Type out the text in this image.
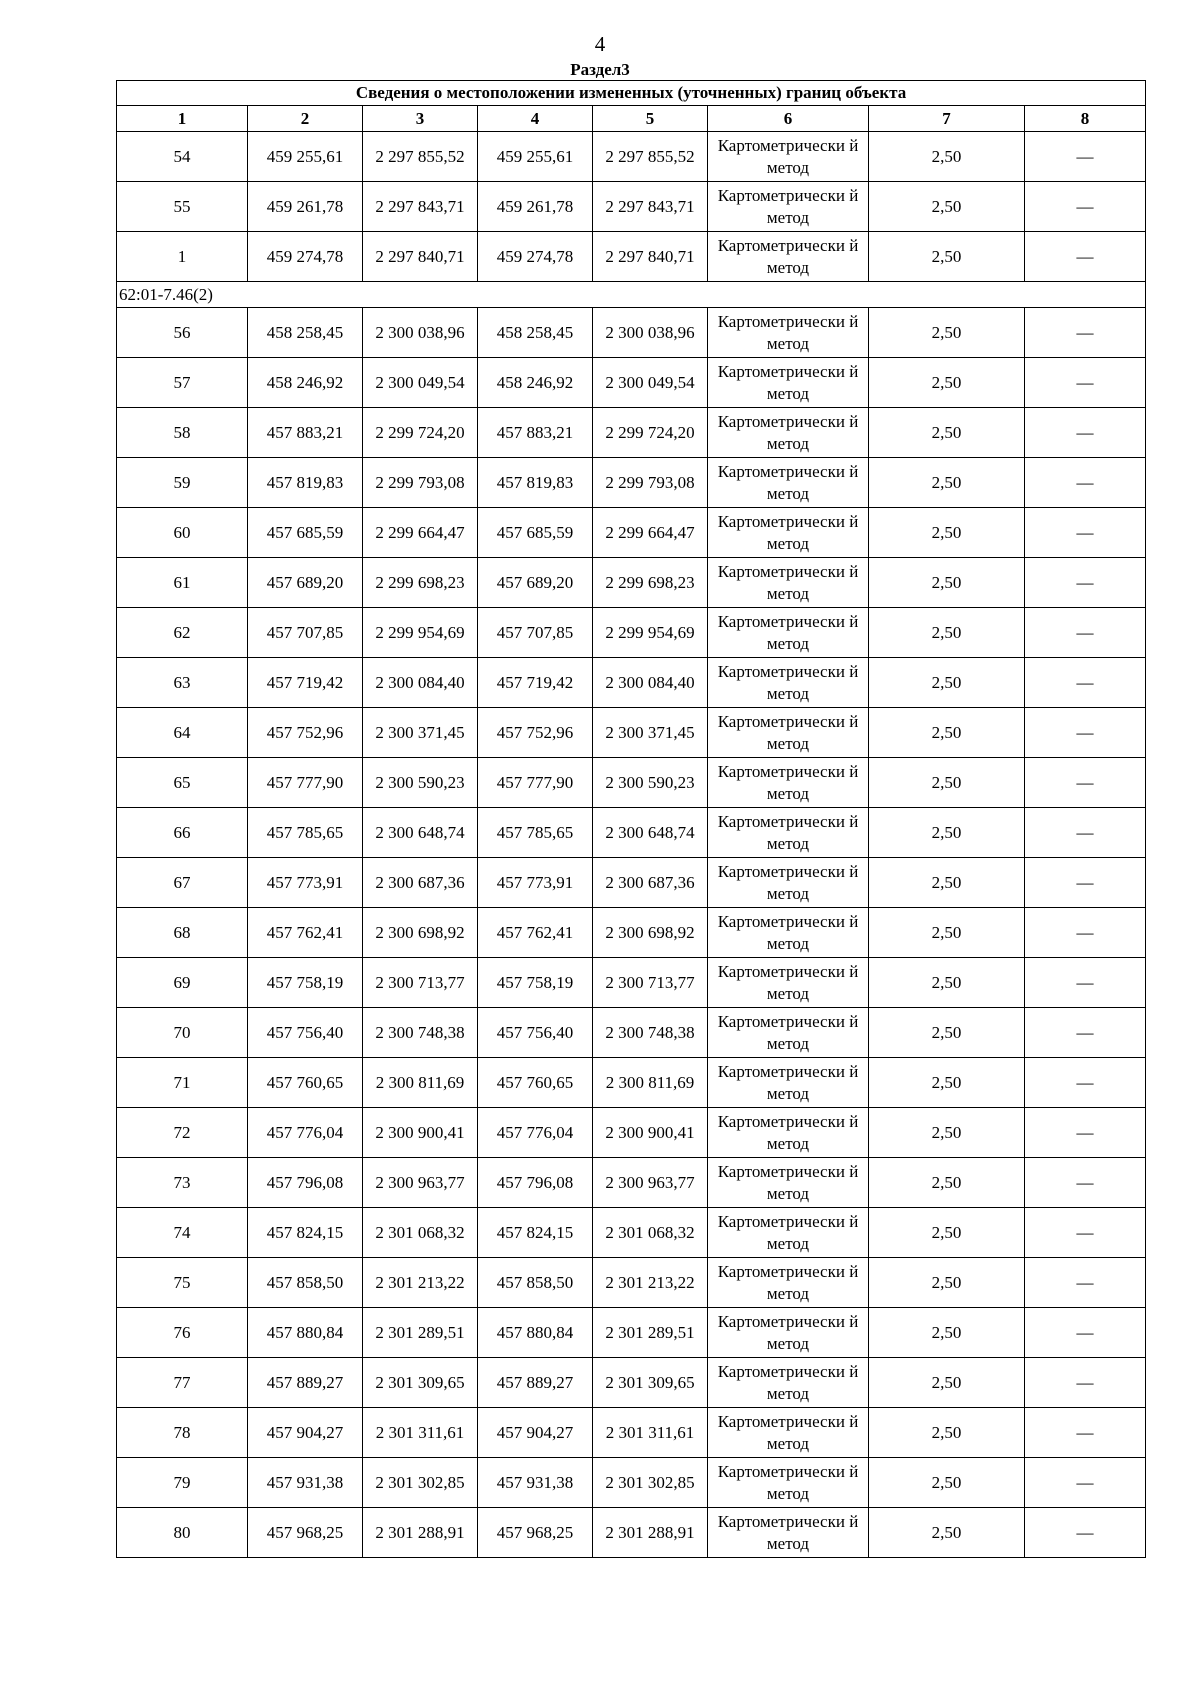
4
Раздел3
Сведения о местоположении измененных (уточненных) границ объекта							
1	2	3	4	5	6	7	8
54	459 255,61	2 297 855,52	459 255,61	2 297 855,52	Картометрически й метод	2,50	—
55	459 261,78	2 297 843,71	459 261,78	2 297 843,71	Картометрически й метод	2,50	—
1	459 274,78	2 297 840,71	459 274,78	2 297 840,71	Картометрически й метод	2,50	—
62:01-7.46(2)							
56	458 258,45	2 300 038,96	458 258,45	2 300 038,96	Картометрически й метод	2,50	—
57	458 246,92	2 300 049,54	458 246,92	2 300 049,54	Картометрически й метод	2,50	—
58	457 883,21	2 299 724,20	457 883,21	2 299 724,20	Картометрически й метод	2,50	—
59	457 819,83	2 299 793,08	457 819,83	2 299 793,08	Картометрически й метод	2,50	—
60	457 685,59	2 299 664,47	457 685,59	2 299 664,47	Картометрически й метод	2,50	—
61	457 689,20	2 299 698,23	457 689,20	2 299 698,23	Картометрически й метод	2,50	—
62	457 707,85	2 299 954,69	457 707,85	2 299 954,69	Картометрически й метод	2,50	—
63	457 719,42	2 300 084,40	457 719,42	2 300 084,40	Картометрически й метод	2,50	—
64	457 752,96	2 300 371,45	457 752,96	2 300 371,45	Картометрически й метод	2,50	—
65	457 777,90	2 300 590,23	457 777,90	2 300 590,23	Картометрически й метод	2,50	—
66	457 785,65	2 300 648,74	457 785,65	2 300 648,74	Картометрически й метод	2,50	—
67	457 773,91	2 300 687,36	457 773,91	2 300 687,36	Картометрически й метод	2,50	—
68	457 762,41	2 300 698,92	457 762,41	2 300 698,92	Картометрически й метод	2,50	—
69	457 758,19	2 300 713,77	457 758,19	2 300 713,77	Картометрически й метод	2,50	—
70	457 756,40	2 300 748,38	457 756,40	2 300 748,38	Картометрически й метод	2,50	—
71	457 760,65	2 300 811,69	457 760,65	2 300 811,69	Картометрически й метод	2,50	—
72	457 776,04	2 300 900,41	457 776,04	2 300 900,41	Картометрически й метод	2,50	—
73	457 796,08	2 300 963,77	457 796,08	2 300 963,77	Картометрически й метод	2,50	—
74	457 824,15	2 301 068,32	457 824,15	2 301 068,32	Картометрически й метод	2,50	—
75	457 858,50	2 301 213,22	457 858,50	2 301 213,22	Картометрически й метод	2,50	—
76	457 880,84	2 301 289,51	457 880,84	2 301 289,51	Картометрически й метод	2,50	—
77	457 889,27	2 301 309,65	457 889,27	2 301 309,65	Картометрически й метод	2,50	—
78	457 904,27	2 301 311,61	457 904,27	2 301 311,61	Картометрически й метод	2,50	—
79	457 931,38	2 301 302,85	457 931,38	2 301 302,85	Картометрически й метод	2,50	—
80	457 968,25	2 301 288,91	457 968,25	2 301 288,91	Картометрически й метод	2,50	—
